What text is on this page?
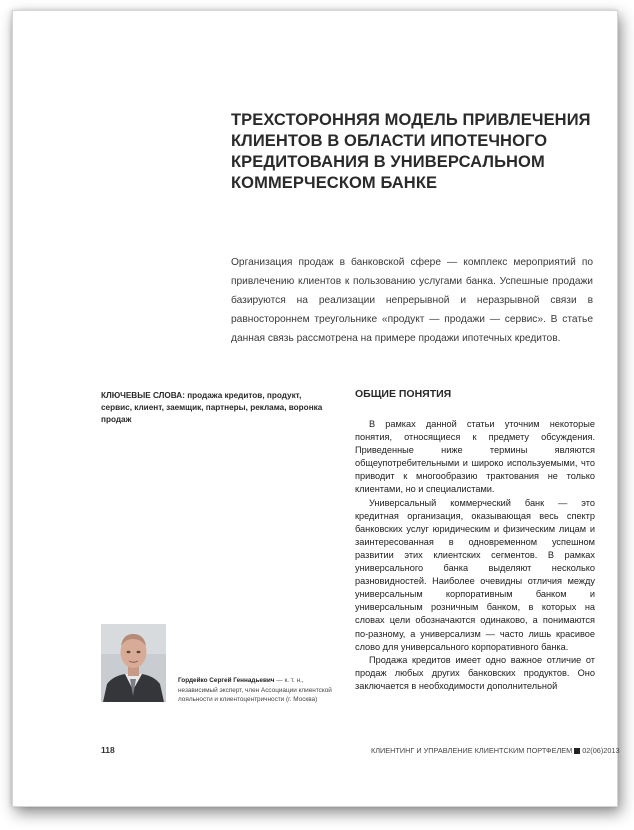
ТРЕХСТОРОННЯЯ МОДЕЛЬ ПРИВЛЕЧЕНИЯ КЛИЕНТОВ В ОБЛАСТИ ИПОТЕЧНОГО КРЕДИТОВАНИЯ В УНИВЕРСАЛЬНОМ КОММЕРЧЕСКОМ БАНКЕ

Организация продаж в банковской сфере — комплекс мероприятий по привлечению клиентов к пользованию услугами банка. Успешные продажи базируются на реализации непрерывной и неразрывной связи в равностороннем треугольнике «продукт — продажи — сервис». В статье данная связь рассмотрена на примере продажи ипотечных кредитов.

КЛЮЧЕВЫЕ СЛОВА: продажа кредитов, продукт, сервис, клиент, заемщик, партнеры, реклама, воронка продаж

ОБЩИЕ ПОНЯТИЯ

В рамках данной статьи уточним некоторые понятия, относящиеся к предмету обсуждения. Приведенные ниже термины являются общеупотребительными и широко используемыми, что приводит к многообразию трактования не только клиентами, но и специалистами.

Универсальный коммерческий банк — это кредитная организация, оказывающая весь спектр банковских услуг юридическим и физическим лицам и заинтересованная в одновременном успешном развитии этих клиентских сегментов. В рамках универсального банка выделяют несколько разновидностей. Наиболее очевидны отличия между универсальным корпоративным банком и универсальным розничным банком, в которых на словах цели обозначаются одинаково, а понимаются по-разному, а универсализм — часто лишь красивое слово для универсального корпоративного банка.

Продажа кредитов имеет одно важное отличие от продаж любых других банковских продуктов. Оно заключается в необходимости дополнительной

Гордейко Сергей Геннадьевич — к. т. н., независимый эксперт, член Ассоциации клиентской лояльности и клиентоцентричности (г. Москва)

118	КЛИЕНТИНГ И УПРАВЛЕНИЕ КЛИЕНТСКИМ ПОРТФЕЛЕМ 02(06)2013
